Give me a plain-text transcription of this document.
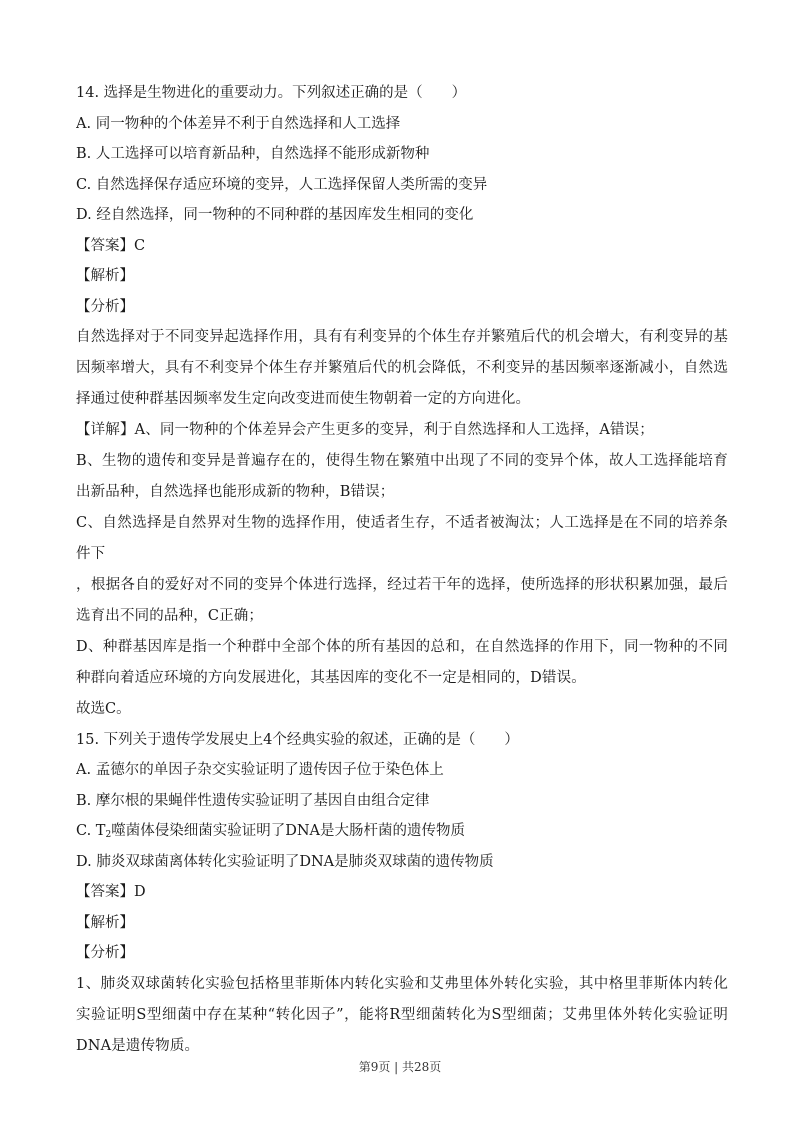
14. 选择是生物进化的重要动力。下列叙述正确的是（　　）
A. 同一物种的个体差异不利于自然选择和人工选择
B. 人工选择可以培育新品种，自然选择不能形成新物种
C. 自然选择保存适应环境的变异，人工选择保留人类所需的变异
D. 经自然选择，同一物种的不同种群的基因库发生相同的变化
【答案】C
【解析】
【分析】
自然选择对于不同变异起选择作用，具有有利变异的个体生存并繁殖后代的机会增大，有利变异的基因频率增大，具有不利变异个体生存并繁殖后代的机会降低，不利变异的基因频率逐渐减小，自然选择通过使种群基因频率发生定向改变进而使生物朝着一定的方向进化。
【详解】A、同一物种的个体差异会产生更多的变异，利于自然选择和人工选择，A错误；
B、生物的遗传和变异是普遍存在的，使得生物在繁殖中出现了不同的变异个体，故人工选择能培育出新品种，自然选择也能形成新的物种，B错误；
C、自然选择是自然界对生物的选择作用，使适者生存，不适者被淘汰；人工选择是在不同的培养条件下
，根据各自的爱好对不同的变异个体进行选择，经过若干年的选择，使所选择的形状积累加强，最后选育出不同的品种，C正确；
D、种群基因库是指一个种群中全部个体的所有基因的总和，在自然选择的作用下，同一物种的不同种群向着适应环境的方向发展进化，其基因库的变化不一定是相同的，D错误。
故选C。
15. 下列关于遗传学发展史上4个经典实验的叙述，正确的是（　　）
A. 孟德尔的单因子杂交实验证明了遗传因子位于染色体上
B. 摩尔根的果蝇伴性遗传实验证明了基因自由组合定律
C. $T_2$噬菌体侵染细菌实验证明了DNA是大肠杆菌的遗传物质
D. 肺炎双球菌离体转化实验证明了DNA是肺炎双球菌的遗传物质
【答案】D
【解析】
【分析】
1、肺炎双球菌转化实验包括格里菲斯体内转化实验和艾弗里体外转化实验，其中格里菲斯体内转化实验证明S型细菌中存在某种“转化因子”，能将R型细菌转化为S型细菌；艾弗里体外转化实验证明DNA是遗传物质。
第9页 | 共28页
